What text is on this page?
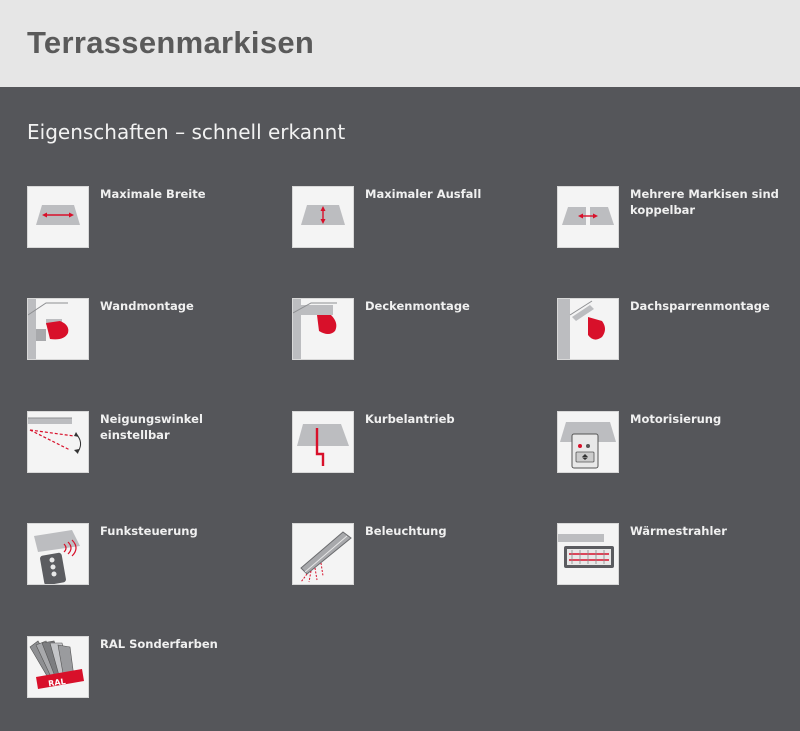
Terrassenmarkisen
Eigenschaften – schnell erkannt
Maximale Breite	Maximaler Ausfall	Mehrere Markisen sind koppelbar
Wandmontage	Deckenmontage	Dachsparrenmontage
Neigungswinkel einstellbar
Kurbelantrieb	Motorisierung
Funksteuerung	Beleuchtung	Wärmestrahler
RAL
RAL Sonderfarben
